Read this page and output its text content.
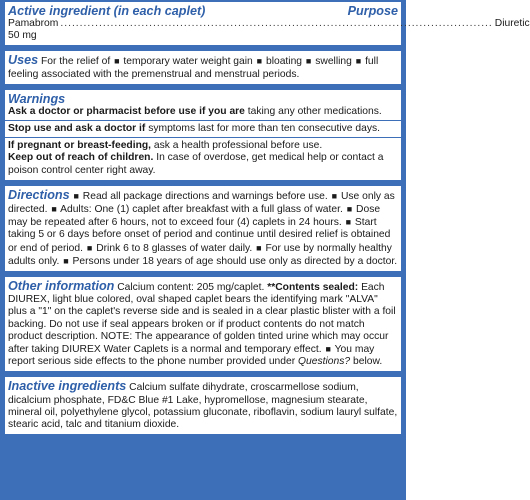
Active ingredient (in each caplet)	Purpose
Pamabrom 50 mg
................................................................................................................ Diuretic
Uses For the relief of ■ temporary water weight gain ■ bloating ■ swelling ■ full feeling associated with the premenstrual and menstrual periods.
Warnings
Ask a doctor or pharmacist before use if you are taking any other medications.
Stop use and ask a doctor if symptoms last for more than ten consecutive days.
If pregnant or breast-feeding, ask a health professional before use.
Keep out of reach of children. In case of overdose, get medical help or contact a poison control center right away.
Directions ■ Read all package directions and warnings before use. ■ Use only as directed. ■ Adults: One (1) caplet after breakfast with a full glass of water. ■ Dose may be repeated after 6 hours, not to exceed four (4) caplets in 24 hours. ■ Start taking 5 or 6 days before onset of period and continue until desired relief is obtained or end of period. ■ Drink 6 to 8 glasses of water daily. ■ For use by normally healthy adults only. ■ Persons under 18 years of age should use only as directed by a doctor.
Other information Calcium content: 205 mg/caplet. **Contents sealed: Each DIUREX, light blue colored, oval shaped caplet bears the identifying mark "ALVA" plus a "1" on the caplet's reverse side and is sealed in a clear plastic blister with a foil backing. Do not use if seal appears broken or if product contents do not match product description. NOTE: The appearance of golden tinted urine which may occur after taking DIUREX Water Caplets is a normal and temporary effect. ■ You may report serious side effects to the phone number provided under Questions? below.
Inactive ingredients Calcium sulfate dihydrate, croscarmellose sodium, dicalcium phosphate, FD&C Blue #1 Lake, hypromellose, magnesium stearate, mineral oil, polyethylene glycol, potassium gluconate, riboflavin, sodium lauryl sulfate, stearic acid, talc and titanium dioxide.
